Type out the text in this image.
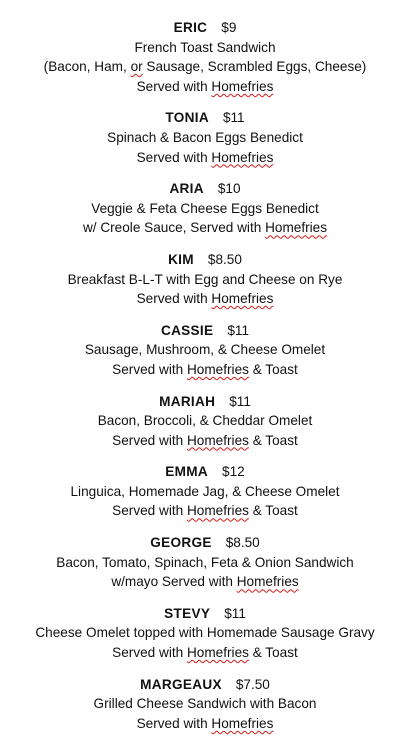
ERIC $9
French Toast Sandwich
(Bacon, Ham, or Sausage, Scrambled Eggs, Cheese)
Served with Homefries
TONIA $11
Spinach & Bacon Eggs Benedict
Served with Homefries
ARIA $10
Veggie & Feta Cheese Eggs Benedict
w/ Creole Sauce, Served with Homefries
KIM $8.50
Breakfast B-L-T with Egg and Cheese on Rye
Served with Homefries
CASSIE $11
Sausage, Mushroom, & Cheese Omelet
Served with Homefries & Toast
MARIAH $11
Bacon, Broccoli, & Cheddar Omelet
Served with Homefries & Toast
EMMA $12
Linguica, Homemade Jag, & Cheese Omelet
Served with Homefries & Toast
GEORGE $8.50
Bacon, Tomato, Spinach, Feta & Onion Sandwich
w/mayo Served with Homefries
STEVY $11
Cheese Omelet topped with Homemade Sausage Gravy
Served with Homefries & Toast
MARGEAUX $7.50
Grilled Cheese Sandwich with Bacon
Served with Homefries
